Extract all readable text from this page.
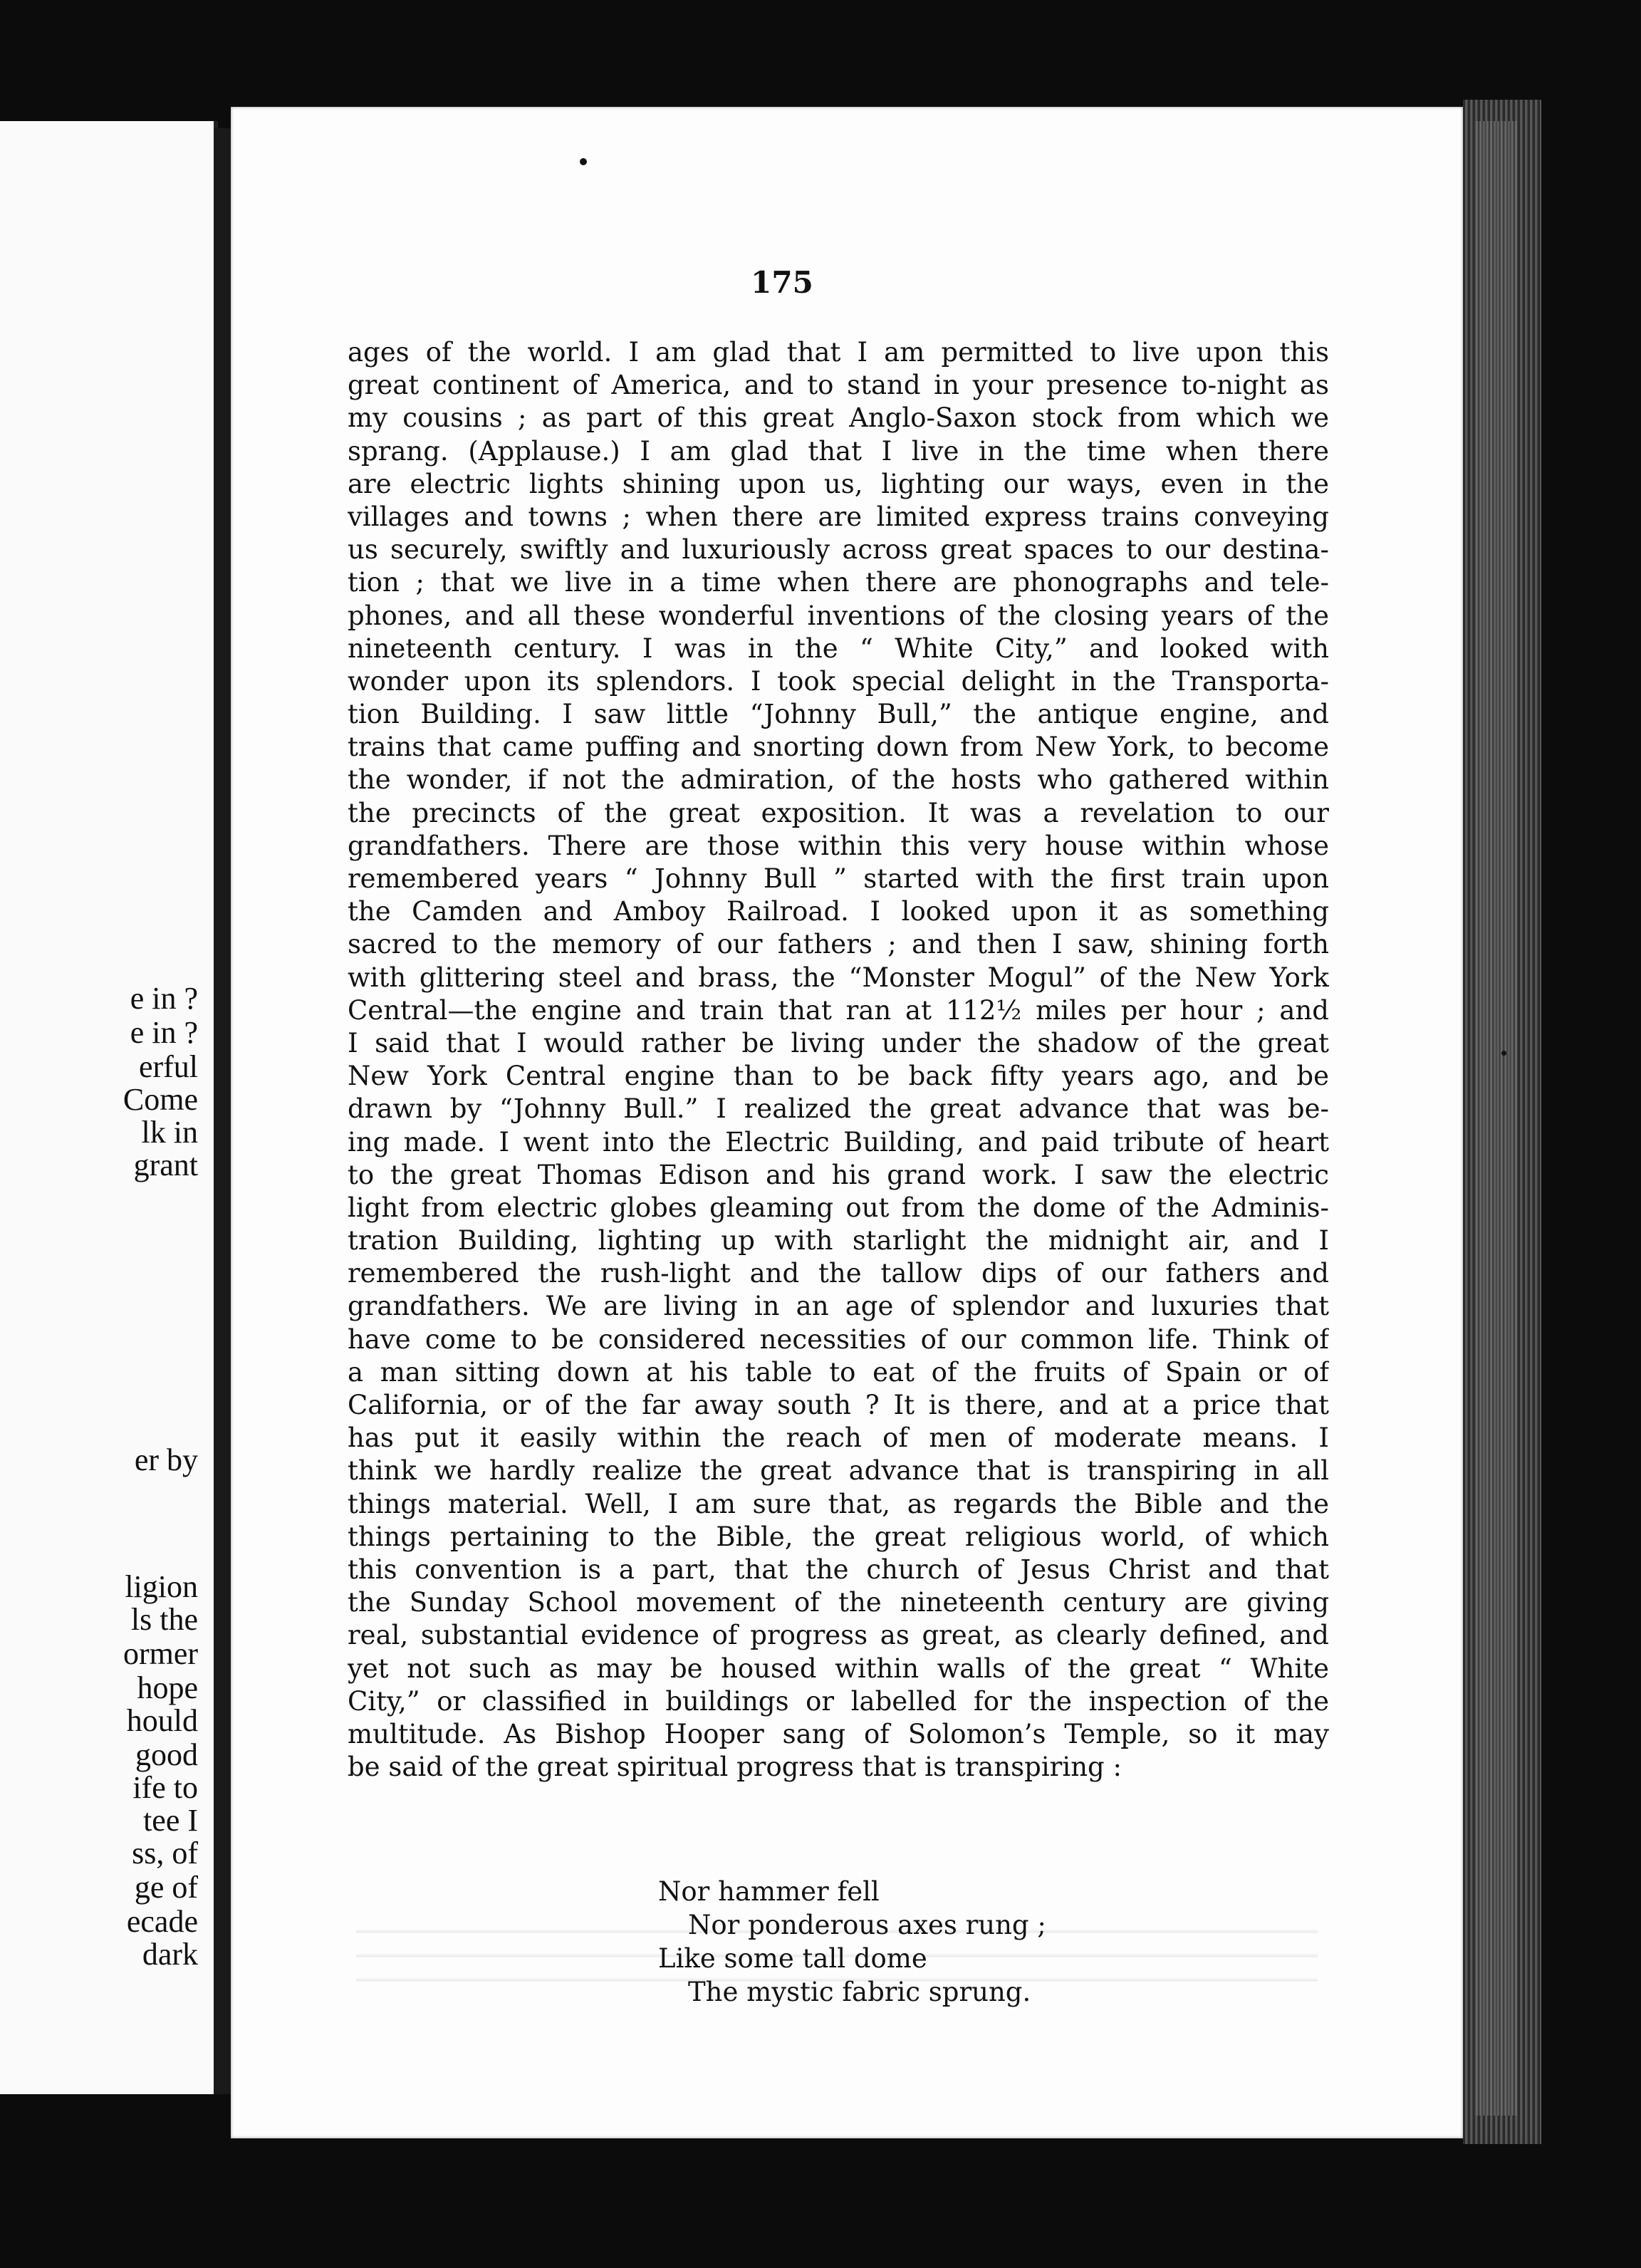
e in ?
e in ?
erful
Come
lk in
grant
er by
ligion
ls the
ormer
hope
hould
good
ife to
tee I
ss, of
ge of
ecade
dark
175
ages of the world. I am glad that I am permitted to live upon this
great continent of America, and to stand in your presence to-night as
my cousins ; as part of this great Anglo-Saxon stock from which we
sprang. (Applause.) I am glad that I live in the time when there
are electric lights shining upon us, lighting our ways, even in the
villages and towns ; when there are limited express trains conveying
us securely, swiftly and luxuriously across great spaces to our destina-
tion ; that we live in a time when there are phonographs and tele-
phones, and all these wonderful inventions of the closing years of the
nineteenth century. I was in the “ White City,” and looked with
wonder upon its splendors. I took special delight in the Transporta-
tion Building. I saw little “Johnny Bull,” the antique engine, and
trains that came puffing and snorting down from New York, to become
the wonder, if not the admiration, of the hosts who gathered within
the precincts of the great exposition. It was a revelation to our
grandfathers. There are those within this very house within whose
remembered years “ Johnny Bull ” started with the first train upon
the Camden and Amboy Railroad. I looked upon it as something
sacred to the memory of our fathers ; and then I saw, shining forth
with glittering steel and brass, the “Monster Mogul” of the New York
Central—the engine and train that ran at 112½ miles per hour ; and
I said that I would rather be living under the shadow of the great
New York Central engine than to be back fifty years ago, and be
drawn by “Johnny Bull.” I realized the great advance that was be-
ing made. I went into the Electric Building, and paid tribute of heart
to the great Thomas Edison and his grand work. I saw the electric
light from electric globes gleaming out from the dome of the Adminis-
tration Building, lighting up with starlight the midnight air, and I
remembered the rush-light and the tallow dips of our fathers and
grandfathers. We are living in an age of splendor and luxuries that
have come to be considered necessities of our common life. Think of
a man sitting down at his table to eat of the fruits of Spain or of
California, or of the far away south ? It is there, and at a price that
has put it easily within the reach of men of moderate means. I
think we hardly realize the great advance that is transpiring in all
things material. Well, I am sure that, as regards the Bible and the
things pertaining to the Bible, the great religious world, of which
this convention is a part, that the church of Jesus Christ and that
the Sunday School movement of the nineteenth century are giving
real, substantial evidence of progress as great, as clearly defined, and
yet not such as may be housed within walls of the great “ White
City,” or classified in buildings or labelled for the inspection of the
multitude. As Bishop Hooper sang of Solomon’s Temple, so it may
be said of the great spiritual progress that is transpiring :
Nor hammer fell
Nor ponderous axes rung ;
Like some tall dome
The mystic fabric sprung.
